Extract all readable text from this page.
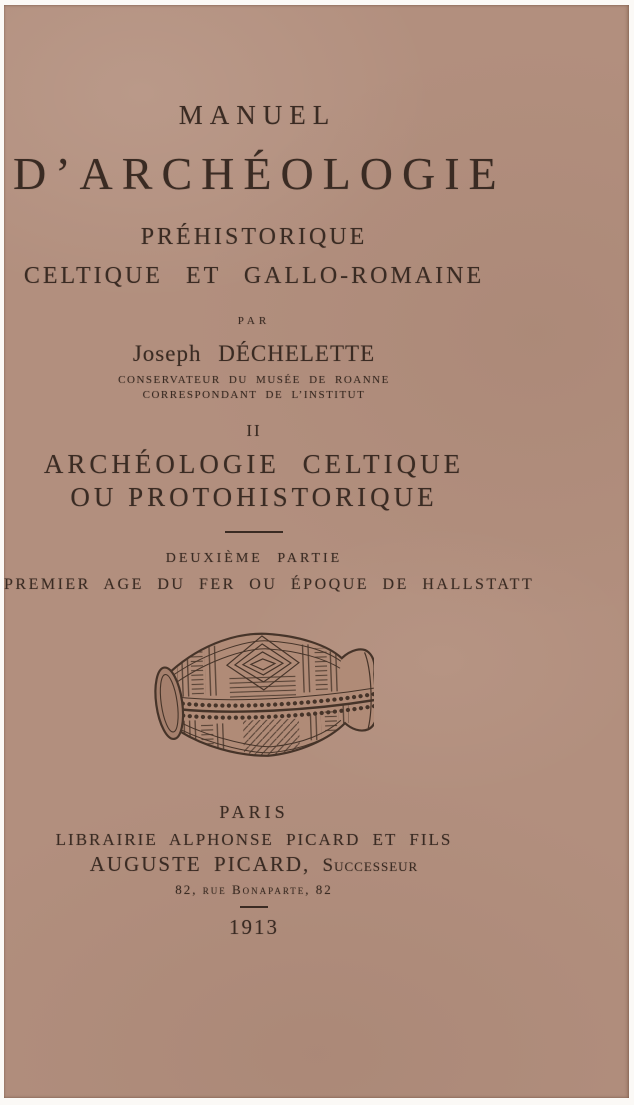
MANUEL
D’ARCHÉOLOGIE
PRÉHISTORIQUE
CELTIQUE ET GALLO-ROMAINE
PAR
Joseph DÉCHELETTE
CONSERVATEUR DU MUSÉE DE ROANNE
CORRESPONDANT DE L’INSTITUT
II
ARCHÉOLOGIE CELTIQUE
OU PROTOHISTORIQUE
DEUXIÈME PARTIE
PREMIER AGE DU FER OU ÉPOQUE DE HALLSTATT
PARIS
LIBRAIRIE ALPHONSE PICARD ET FILS
AUGUSTE PICARD, Successeur
82, rue Bonaparte, 82
1913
